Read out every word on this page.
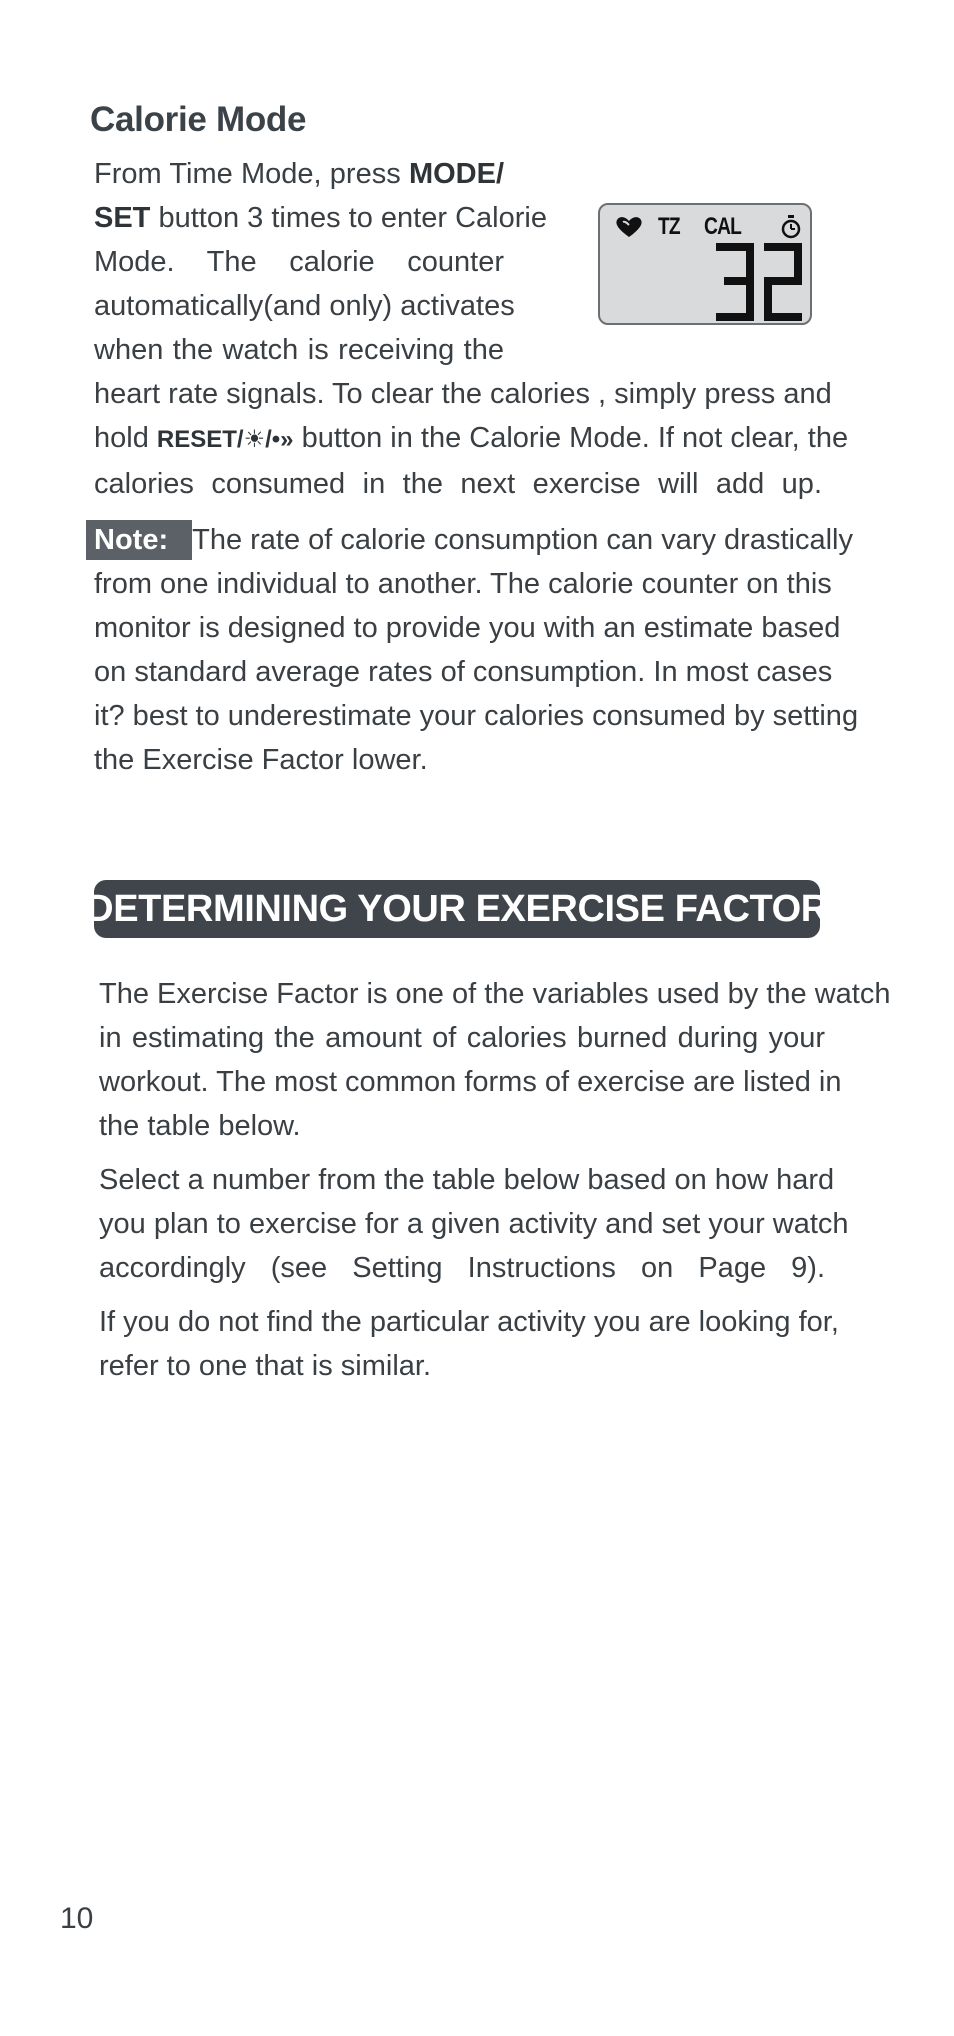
Calorie Mode
From Time Mode, press MODE/
SET button 3 times to enter Calorie
Mode. The calorie counter
automatically(and only) activates
when the watch is receiving the
heart rate signals. To clear the calories , simply press and
hold RESET/☀/•» button in the Calorie Mode. If not clear, the
calories consumed in the next exercise will add up.
TZ CAL
Note: The rate of calorie consumption can vary drastically
from one individual to another. The calorie counter on this
monitor is designed to provide you with an estimate based
on standard average rates of consumption. In most cases
it? best to underestimate your calories consumed by setting
the Exercise Factor lower.
DETERMINING YOUR EXERCISE FACTOR
The Exercise Factor is one of the variables used by the watch
in estimating the amount of calories burned during your
workout. The most common forms of exercise are listed in
the table below.
Select a number from the table below based on how hard
you plan to exercise for a given activity and set your watch
accordingly (see Setting Instructions on Page 9).
If you do not find the particular activity you are looking for,
refer to one that is similar.
10
